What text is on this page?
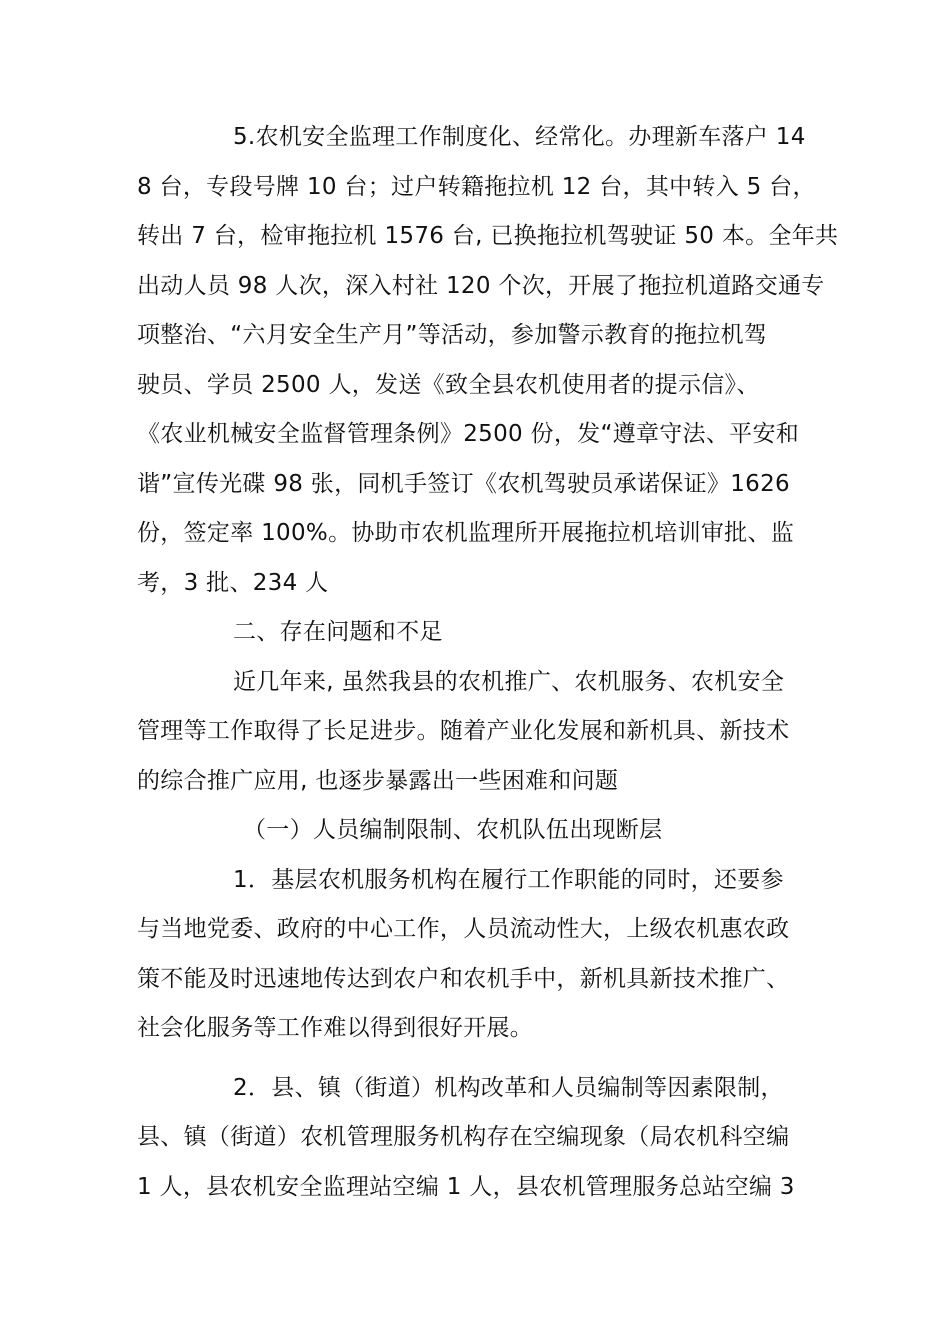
5.农机安全监理工作制度化、经常化。办理新车落户 14
8 台，专段号牌 10 台；过户转籍拖拉机 12 台，其中转入 5 台，
转出 7 台，检审拖拉机 1576 台, 已换拖拉机驾驶证 50 本。全年共
出动人员 98 人次，深入村社 120 个次，开展了拖拉机道路交通专
项整治、“六月安全生产月”等活动，参加警示教育的拖拉机驾
驶员、学员 2500 人，发送《致全县农机使用者的提示信》、
《农业机械安全监督管理条例》2500 份，发“遵章守法、平安和
谐”宣传光碟 98 张，同机手签订《农机驾驶员承诺保证》1626
份，签定率 100%。协助市农机监理所开展拖拉机培训审批、监
考，3 批、234 人
二、存在问题和不足
近几年来, 虽然我县的农机推广、农机服务、农机安全
管理等工作取得了长足进步。随着产业化发展和新机具、新技术
的综合推广应用, 也逐步暴露出一些困难和问题
（一）人员编制限制、农机队伍出现断层
1．基层农机服务机构在履行工作职能的同时，还要参
与当地党委、政府的中心工作，人员流动性大，上级农机惠农政
策不能及时迅速地传达到农户和农机手中，新机具新技术推广、
社会化服务等工作难以得到很好开展。
2．县、镇（街道）机构改革和人员编制等因素限制，
县、镇（街道）农机管理服务机构存在空编现象（局农机科空编
1 人，县农机安全监理站空编 1 人，县农机管理服务总站空编 3
